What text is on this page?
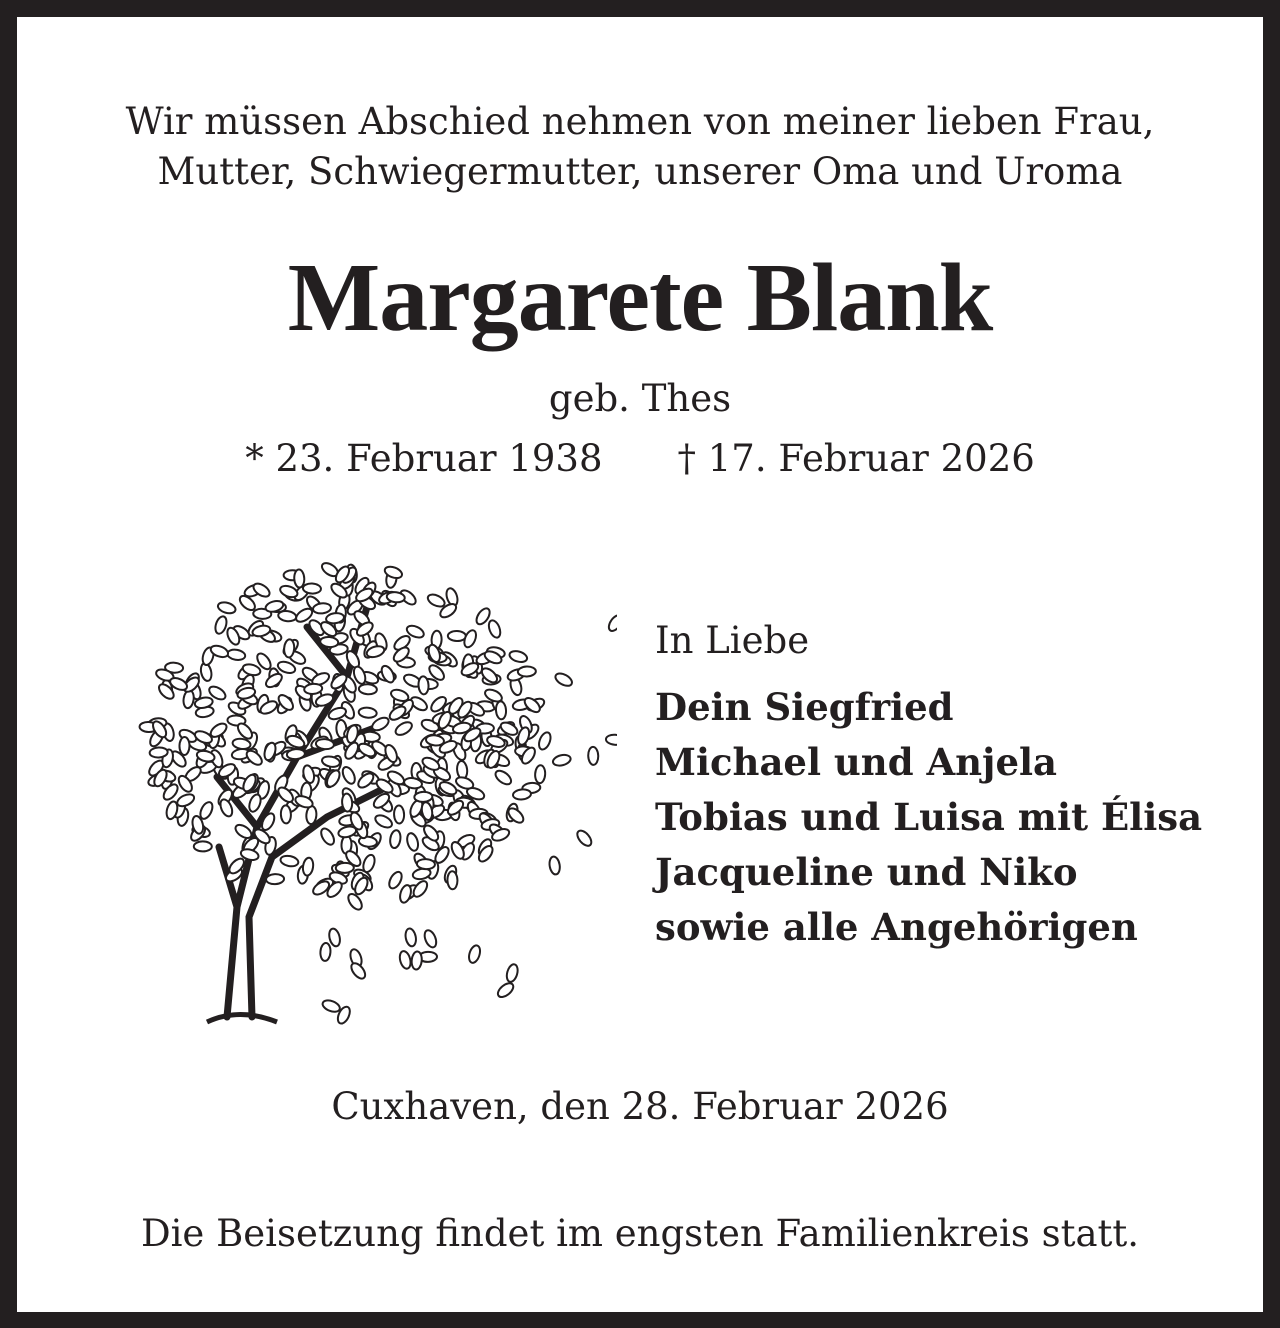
Wir müssen Abschied nehmen von meiner lieben Frau,
Mutter, Schwiegermutter, unserer Oma und Uroma
Margarete Blank
geb. Thes
* 23. Februar 1938 † 17. Februar 2026
In Liebe
Dein Siegfried
Michael und Anjela
Tobias und Luisa mit Élisa
Jacqueline und Niko
sowie alle Angehörigen
Cuxhaven, den 28. Februar 2026
Die Beisetzung findet im engsten Familienkreis statt.
